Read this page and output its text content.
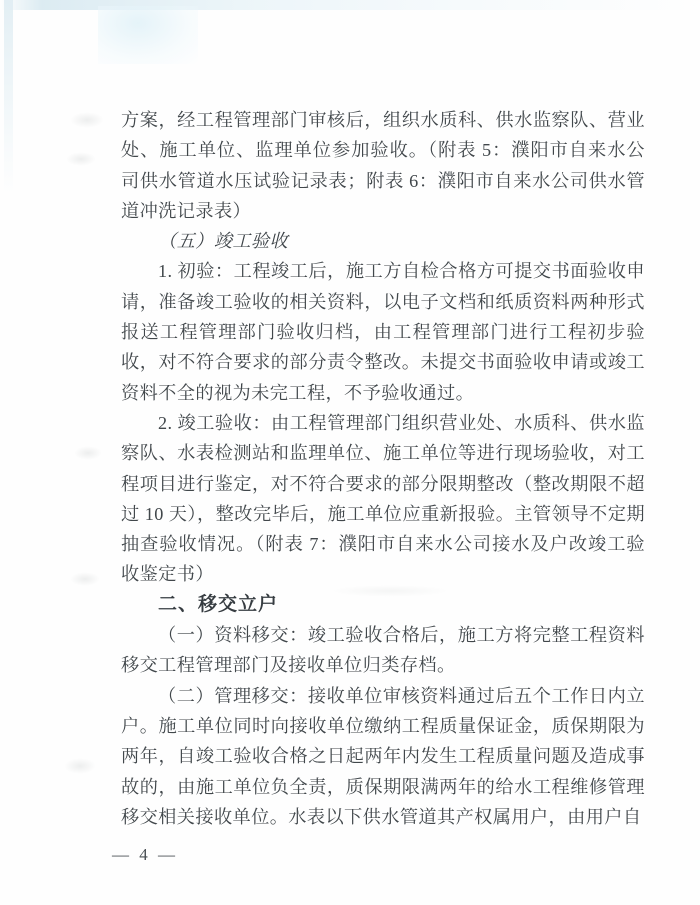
方案，经工程管理部门审核后，组织水质科、供水监察队、营业处、施工单位、监理单位参加验收。（附表 5：濮阳市自来水公司供水管道水压试验记录表；附表 6：濮阳市自来水公司供水管道冲洗记录表）

（五）竣工验收

1. 初验：工程竣工后，施工方自检合格方可提交书面验收申请，准备竣工验收的相关资料，以电子文档和纸质资料两种形式报送工程管理部门验收归档，由工程管理部门进行工程初步验收，对不符合要求的部分责令整改。未提交书面验收申请或竣工资料不全的视为未完工程，不予验收通过。

2. 竣工验收：由工程管理部门组织营业处、水质科、供水监察队、水表检测站和监理单位、施工单位等进行现场验收，对工程项目进行鉴定，对不符合要求的部分限期整改（整改期限不超过 10 天），整改完毕后，施工单位应重新报验。主管领导不定期抽查验收情况。（附表 7：濮阳市自来水公司接水及户改竣工验收鉴定书）

二、移交立户

（一）资料移交：竣工验收合格后，施工方将完整工程资料移交工程管理部门及接收单位归类存档。

（二）管理移交：接收单位审核资料通过后五个工作日内立户。施工单位同时向接收单位缴纳工程质量保证金，质保期限为两年，自竣工验收合格之日起两年内发生工程质量问题及造成事故的，由施工单位负全责，质保期限满两年的给水工程维修管理移交相关接收单位。水表以下供水管道其产权属用户，由用户自

— 4 —
